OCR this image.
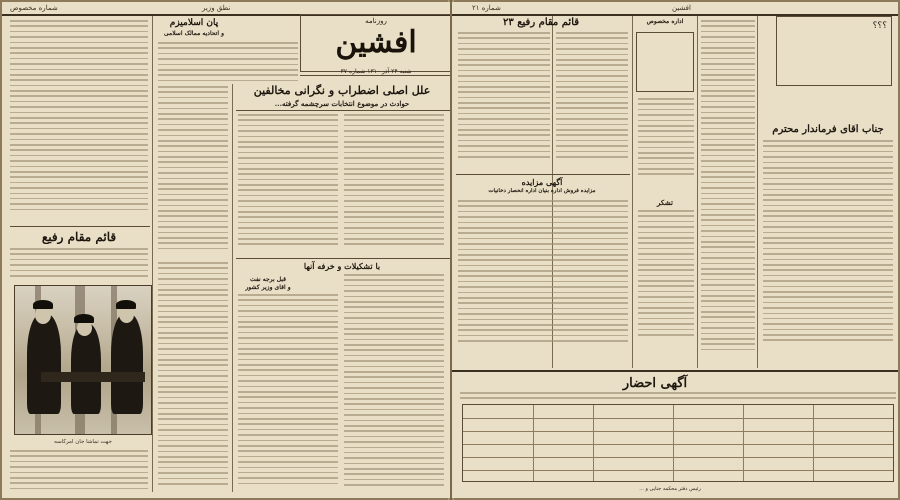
شماره مخصوص	نطق وزیر
قائم مقام رفیع
جهت تماشا جان آمرکاسه
پان اسلامیزم
و اتحادیه ممالک اسلامی
روزنامه
افشین
شنبه ۲۴ آذر ۱۳۱۰ شماره ۳۷
علل اصلی اضطراب و نگرانی مخالفین
حوادث در موضوع انتخابات سرچشمه گرفته...
با تشکیلات و خرفه آنها
قبل برجه نفت
و آقای وزیر کشور
شماره ۲۱	افشین
قائم مقام رفیع ۲۳
آگهی مزایده
مزایده فروش اداره بنیان اداره انحصار دخانیات
اداره مخصوص
تشکر
؟؟؟
جناب آقای فرماندار محترم
آگهی احضار
رئیس دفتر محکمه جنایی و ...
